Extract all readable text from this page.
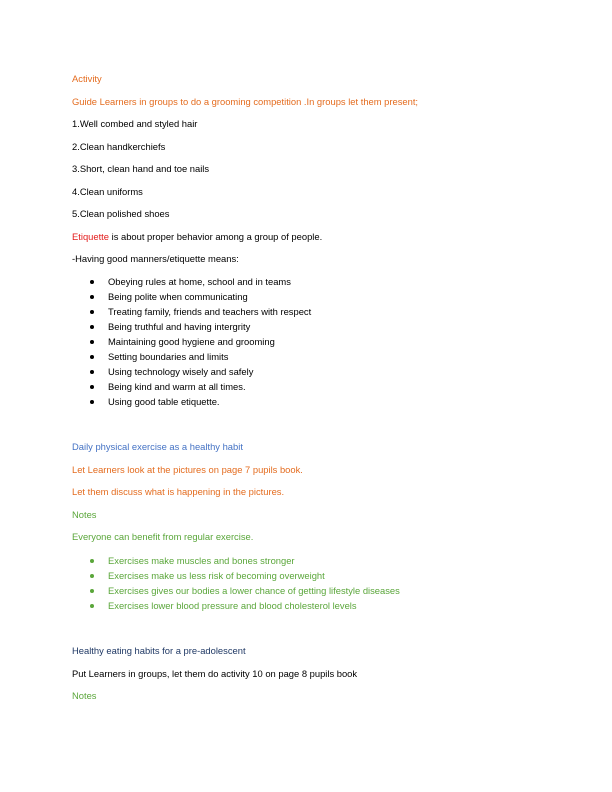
Activity
Guide Learners in groups to do a grooming competition .In groups let them present;
1.Well combed and styled hair
2.Clean handkerchiefs
3.Short, clean hand and toe nails
4.Clean uniforms
5.Clean polished shoes
Etiquette is about proper behavior among a group of people.
-Having good manners/etiquette means:
Obeying rules at home, school and in teams
Being polite when communicating
Treating family, friends and teachers with respect
Being truthful and having intergrity
Maintaining good hygiene and grooming
Setting boundaries and limits
Using technology wisely and safely
Being kind and warm at all times.
Using good table etiquette.
Daily physical exercise as a healthy habit
Let Learners look at the pictures on page 7 pupils book.
Let them discuss what is happening in the pictures.
Notes
Everyone can benefit from regular exercise.
Exercises make muscles and bones stronger
Exercises make us less risk of becoming overweight
Exercises gives our bodies a lower chance of getting lifestyle diseases
Exercises lower blood pressure and blood cholesterol levels
Healthy eating habits for a pre-adolescent
Put Learners in groups, let them do activity 10 on page 8 pupils book
Notes
